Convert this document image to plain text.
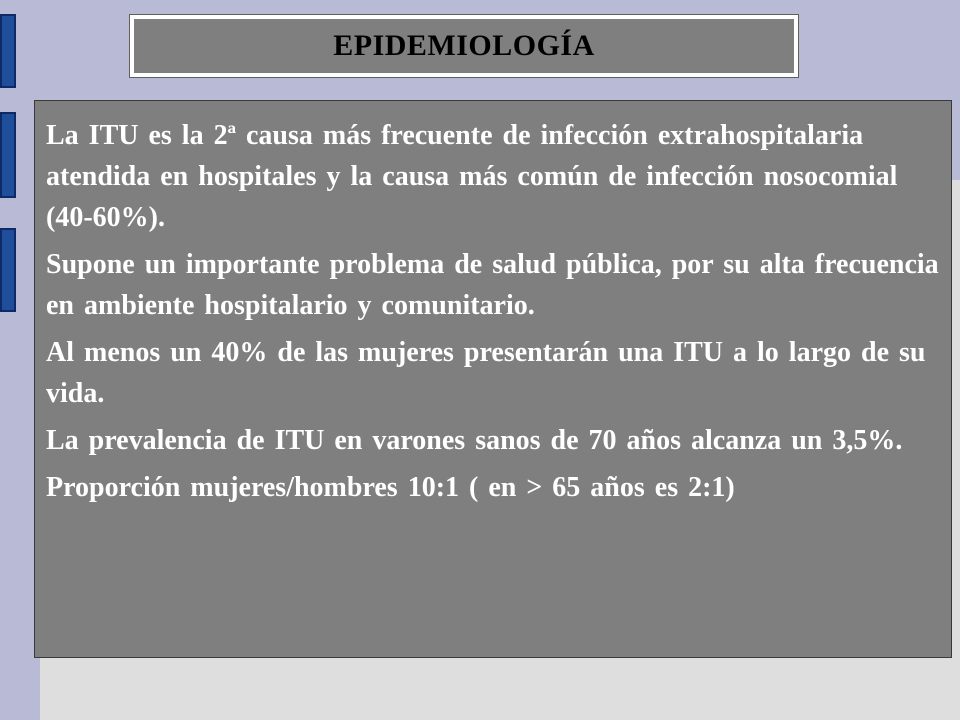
EPIDEMIOLOGÍA

La ITU es la 2ª causa más frecuente de infección extrahospitalaria atendida en hospitales y la causa más común de infección nosocomial (40-60%).

Supone un importante problema de salud pública, por su alta frecuencia en ambiente hospitalario y comunitario.

Al menos un 40% de las mujeres presentarán una ITU a lo largo de su vida.

La prevalencia de ITU en varones sanos de 70 años alcanza un 3,5%.

Proporción mujeres/hombres 10:1 ( en > 65 años es 2:1)
